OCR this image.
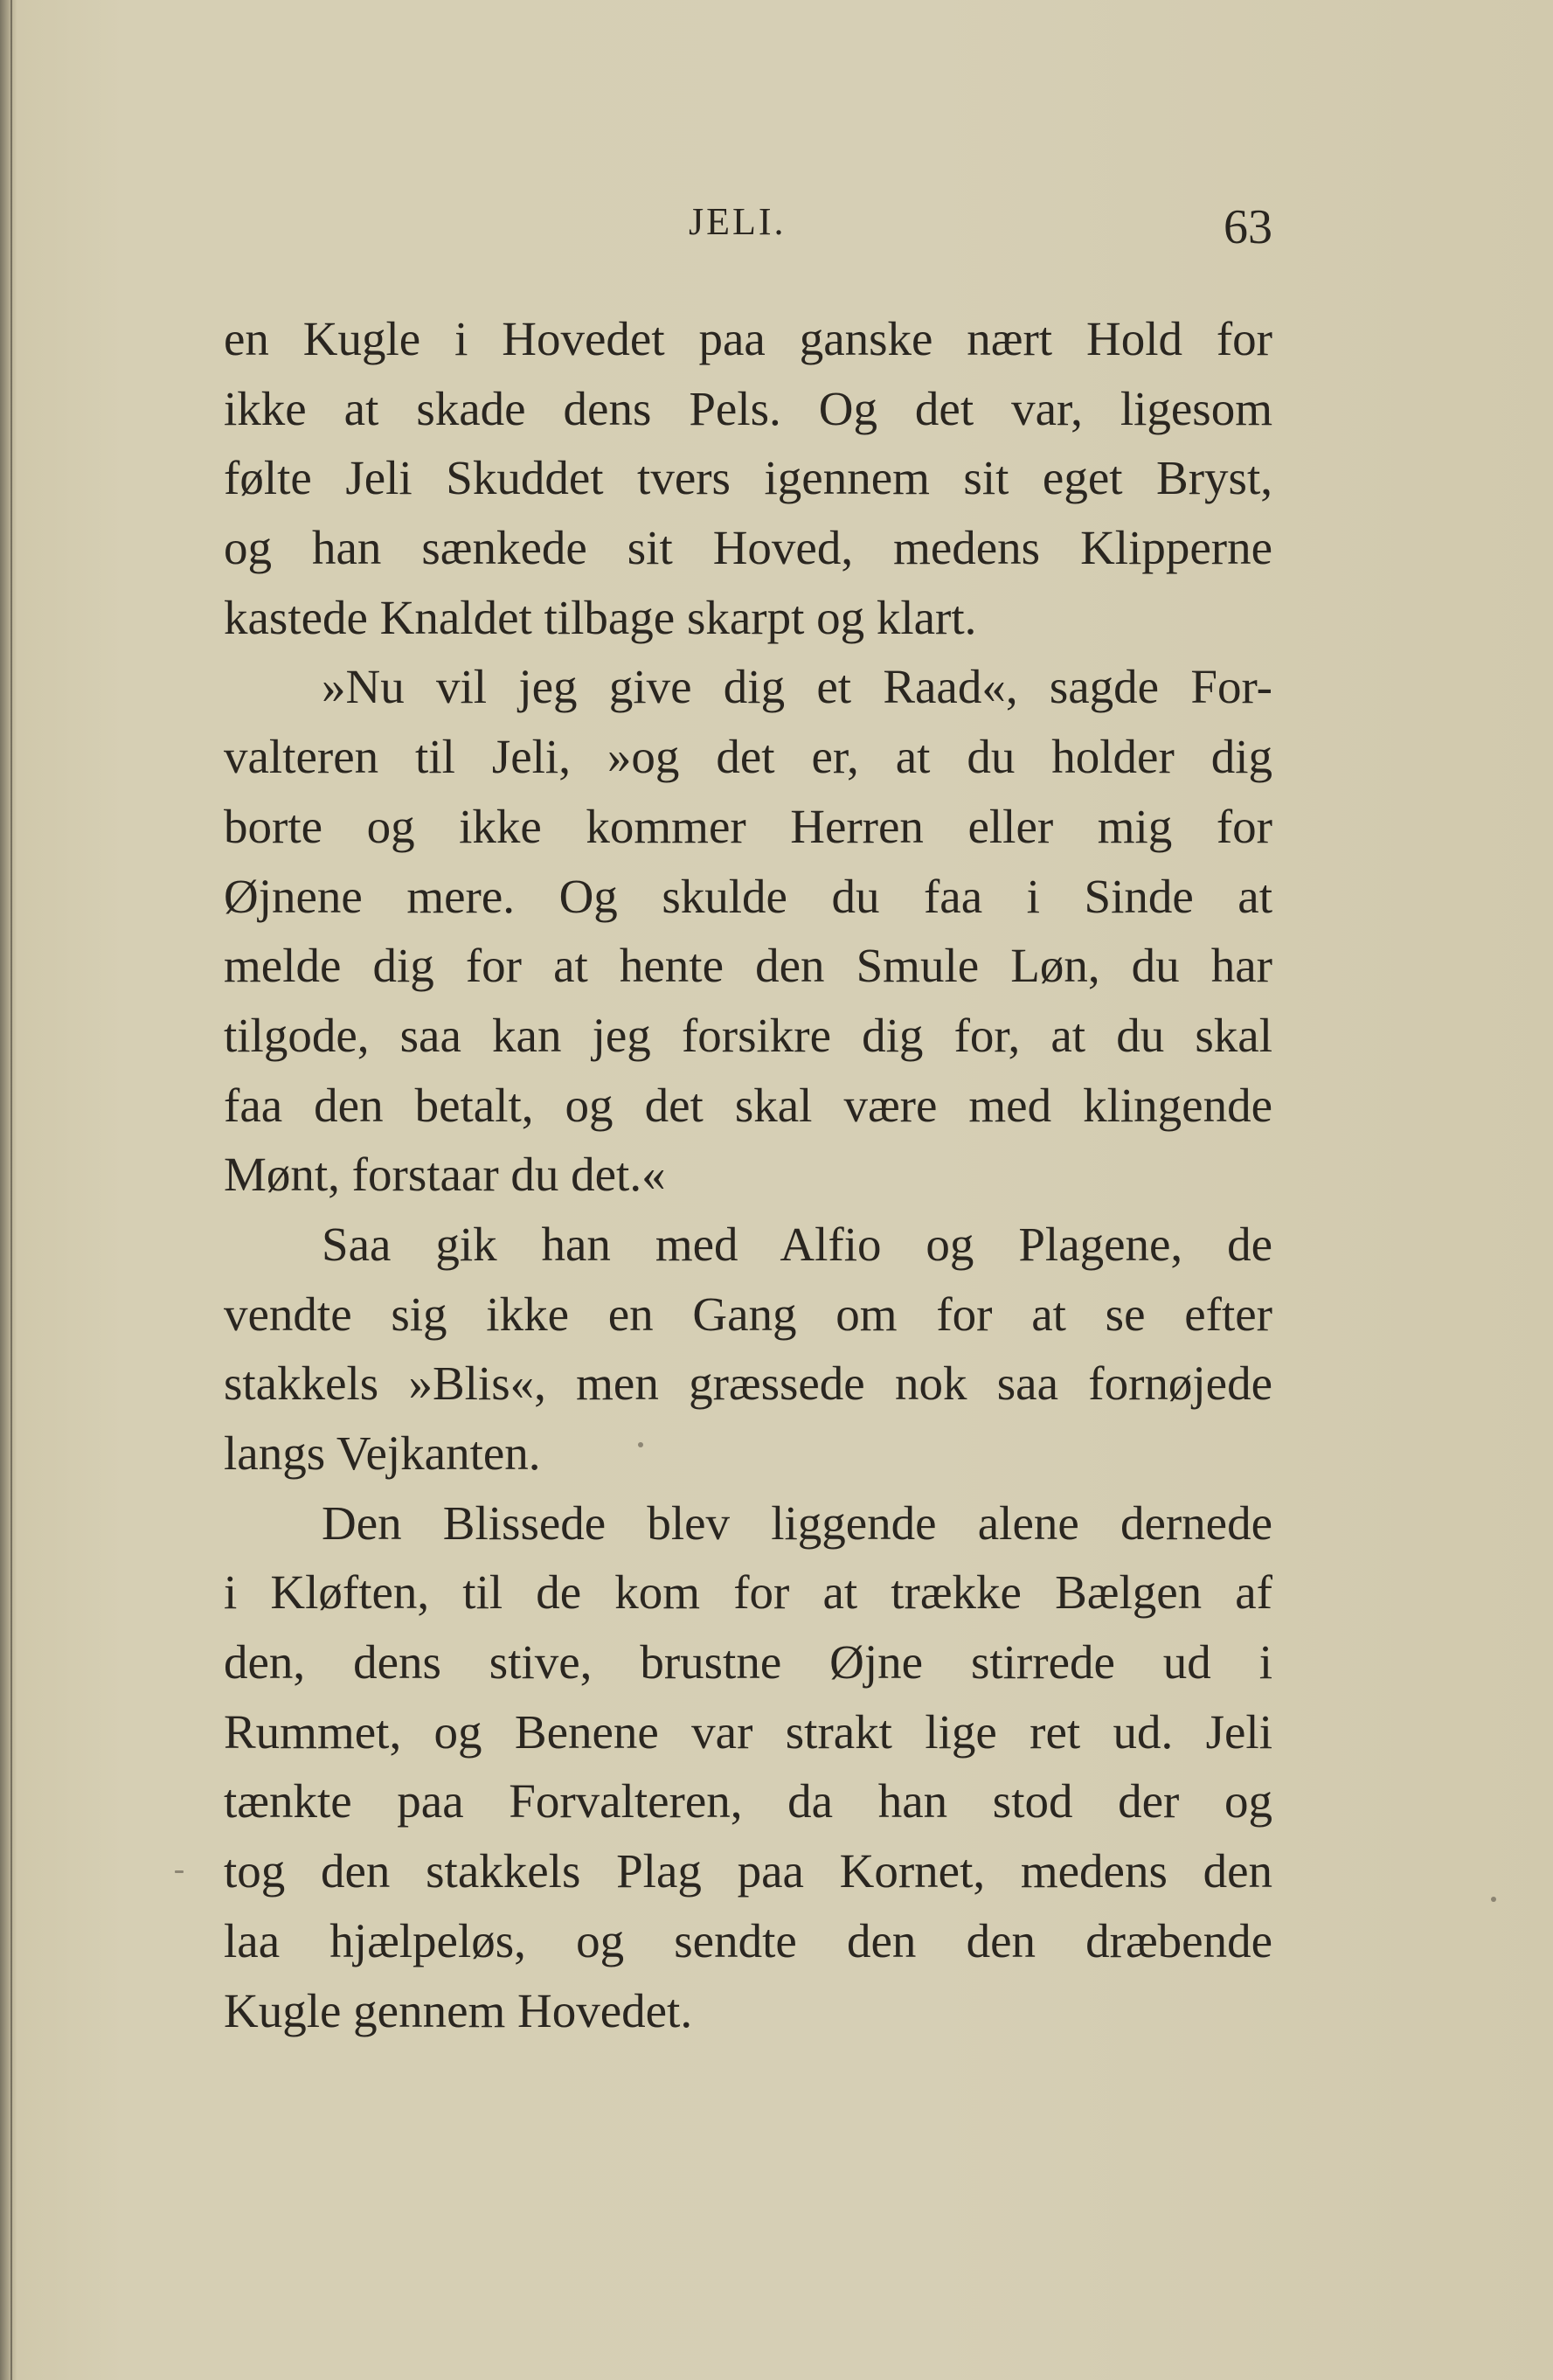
JELI.	63
en Kugle i Hovedet paa ganske nært Hold for
ikke at skade dens Pels. Og det var, ligesom
følte Jeli Skuddet tvers igennem sit eget Bryst,
og han sænkede sit Hoved, medens Klipperne
kastede Knaldet tilbage skarpt og klart.
»Nu vil jeg give dig et Raad«, sagde For-
valteren til Jeli, »og det er, at du holder dig
borte og ikke kommer Herren eller mig for
Øjnene mere. Og skulde du faa i Sinde at
melde dig for at hente den Smule Løn, du har
tilgode, saa kan jeg forsikre dig for, at du skal
faa den betalt, og det skal være med klingende
Mønt, forstaar du det.«
Saa gik han med Alfio og Plagene, de
vendte sig ikke en Gang om for at se efter
stakkels »Blis«, men græssede nok saa fornøjede
langs Vejkanten.
Den Blissede blev liggende alene dernede
i Kløften, til de kom for at trække Bælgen af
den, dens stive, brustne Øjne stirrede ud i
Rummet, og Benene var strakt lige ret ud. Jeli
tænkte paa Forvalteren, da han stod der og
tog den stakkels Plag paa Kornet, medens den
laa hjælpeløs, og sendte den den dræbende
Kugle gennem Hovedet.
